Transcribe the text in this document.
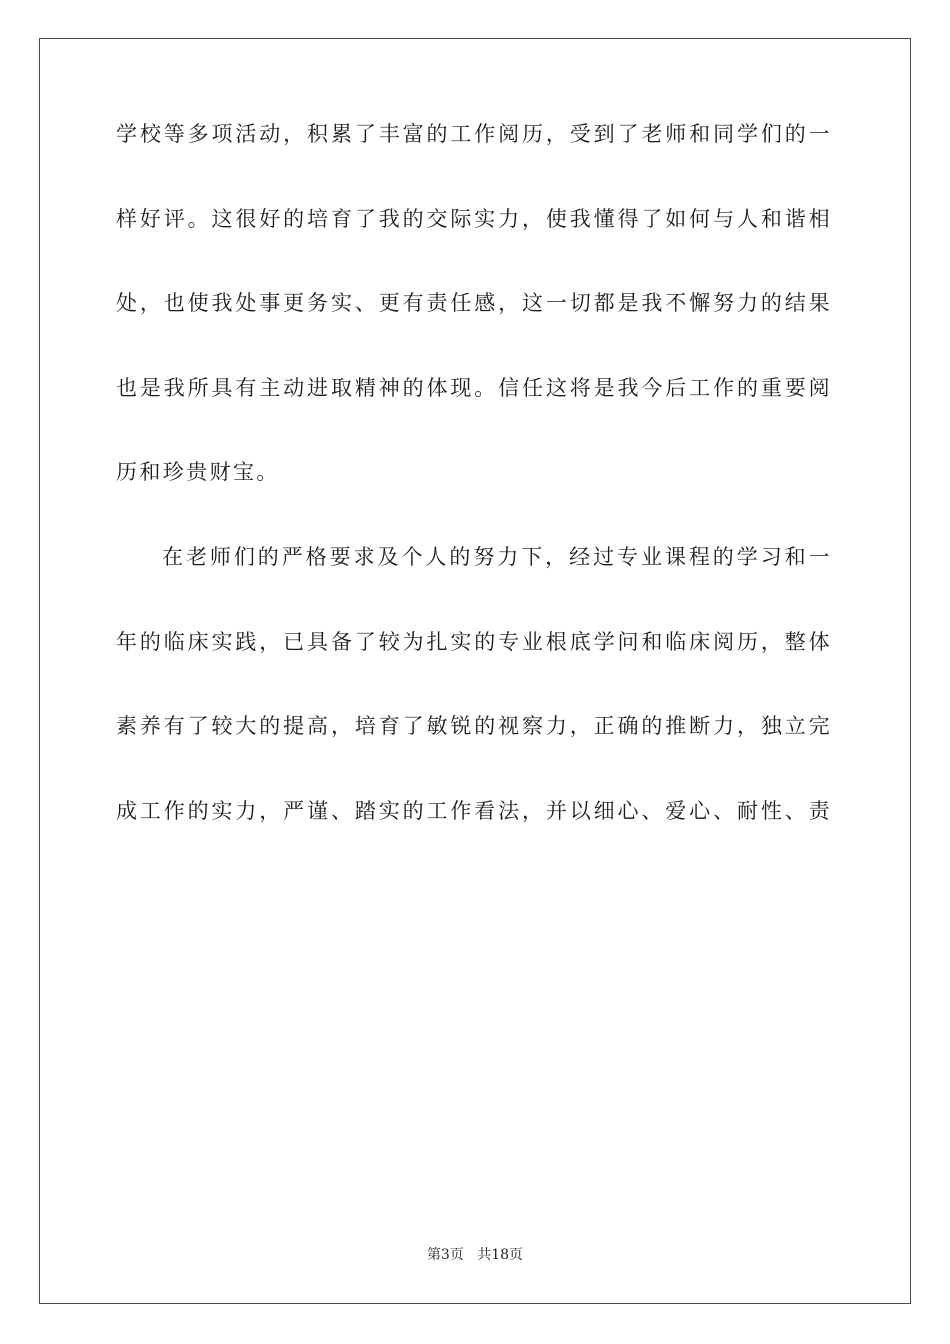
学校等多项活动，积累了丰富的工作阅历，受到了老师和同学们的一
样好评。这很好的培育了我的交际实力，使我懂得了如何与人和谐相
处，也使我处事更务实、更有责任感，这一切都是我不懈努力的结果
也是我所具有主动进取精神的体现。信任这将是我今后工作的重要阅
历和珍贵财宝。
在老师们的严格要求及个人的努力下，经过专业课程的学习和一
年的临床实践，已具备了较为扎实的专业根底学问和临床阅历，整体
素养有了较大的提高，培育了敏锐的视察力，正确的推断力，独立完
成工作的实力，严谨、踏实的工作看法，并以细心、爱心、耐性、责
第3页 共18页
